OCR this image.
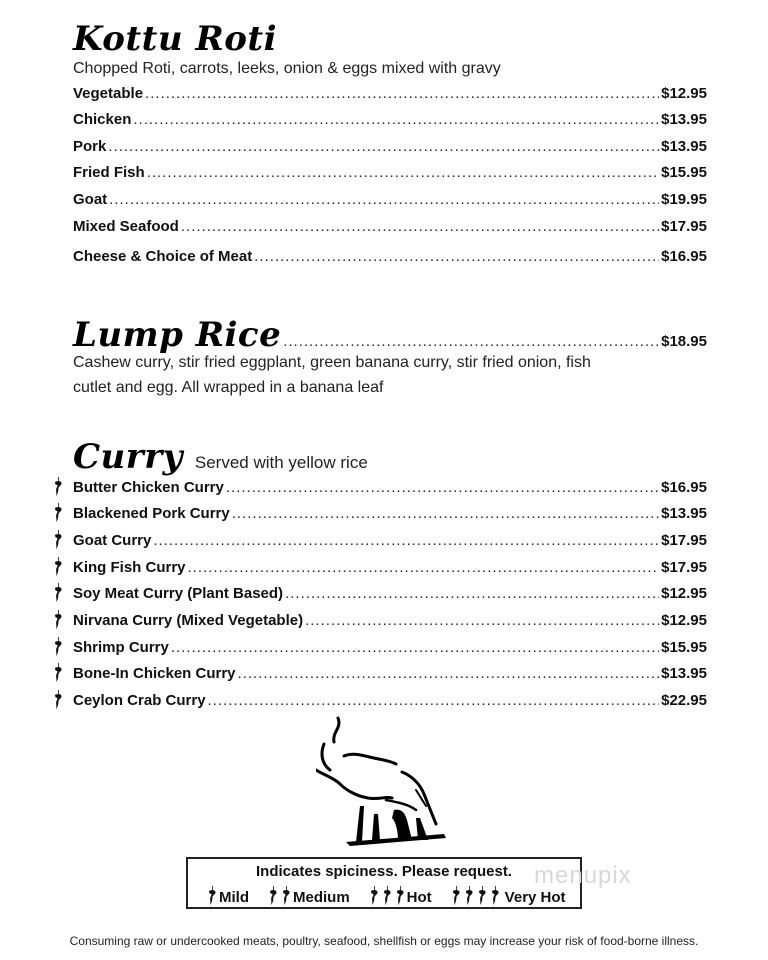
Kottu Roti
Chopped Roti, carrots, leeks, onion & eggs mixed with gravy
Vegetable .....	$12.95
Chicken .....	$13.95
Pork .....	$13.95
Fried Fish .....	$15.95
Goat .....	$19.95
Mixed Seafood .....	$17.95
Cheese & Choice of Meat .....	$16.95
Lump Rice .....	$18.95
Cashew curry, stir fried eggplant, green banana curry, stir fried onion, fish
cutlet and egg. All wrapped in a banana leaf
Curry Served with yellow rice
Butter Chicken Curry .....	$16.95
Blackened Pork Curry .....	$13.95
Goat Curry .....	$17.95
King Fish Curry .....	$17.95
Soy Meat Curry (Plant Based) .....	$12.95
Nirvana Curry (Mixed Vegetable) .....	$12.95
Shrimp Curry .....	$15.95
Bone-In Chicken Curry .....	$13.95
Ceylon Crab Curry .....	$22.95
Indicates spiciness. Please request.
Mild	Medium	Hot	Very Hot
menupix
Consuming raw or undercooked meats, poultry, seafood, shellfish or eggs may increase your risk of food-borne illness.
